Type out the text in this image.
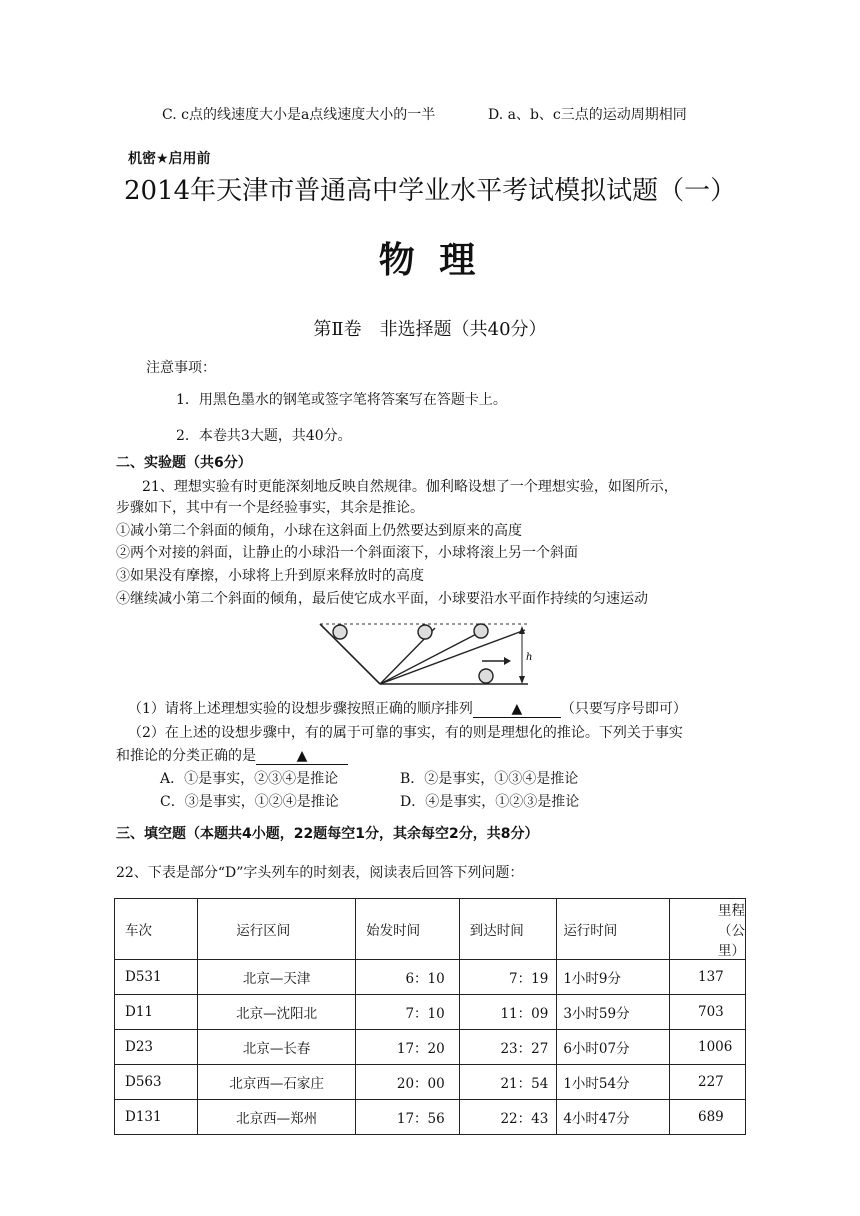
C. c点的线速度大小是a点线速度大小的一半	D. a、b、c三点的运动周期相同
机密★启用前
2014年天津市普通高中学业水平考试模拟试题（一）
物 理
第Ⅱ卷　非选择题（共40分）
注意事项：
1．用黑色墨水的钢笔或签字笔将答案写在答题卡上。
2．本卷共3大题，共40分。
二、实验题（共6分）
21、理想实验有时更能深刻地反映自然规律。伽利略设想了一个理想实验，如图所示，
步骤如下，其中有一个是经验事实，其余是推论。
①减小第二个斜面的倾角，小球在这斜面上仍然要达到原来的高度
②两个对接的斜面，让静止的小球沿一个斜面滚下，小球将滚上另一个斜面
③如果没有摩擦，小球将上升到原来释放时的高度
④继续减小第二个斜面的倾角，最后使它成水平面，小球要沿水平面作持续的匀速运动
h
（1）请将上述理想实验的设想步骤按照正确的顺序排列	▲	（只要写序号即可）
（2）在上述的设想步骤中，有的属于可靠的事实，有的则是理想化的推论。下列关于事实
和推论的分类正确的是	▲
A．①是事实，②③④是推论	B．②是事实，①③④是推论
C．③是事实，①②④是推论	D．④是事实，①②③是推论
三、填空题（本题共4小题，22题每空1分，其余每空2分，共8分）
22、下表是部分“D”字头列车的时刻表，阅读表后回答下列问题：
车次	运行区间	始发时间	到达时间	运行时间	里程（公里）
D531	北京—天津	6：10	7：19	1小时9分	137
D11	北京—沈阳北	7：10	11：09	3小时59分	703
D23	北京—长春	17：20	23：27	6小时07分	1006
D563	北京西—石家庄	20：00	21：54	1小时54分	227
D131	北京西—郑州	17：56	22：43	4小时47分	689
